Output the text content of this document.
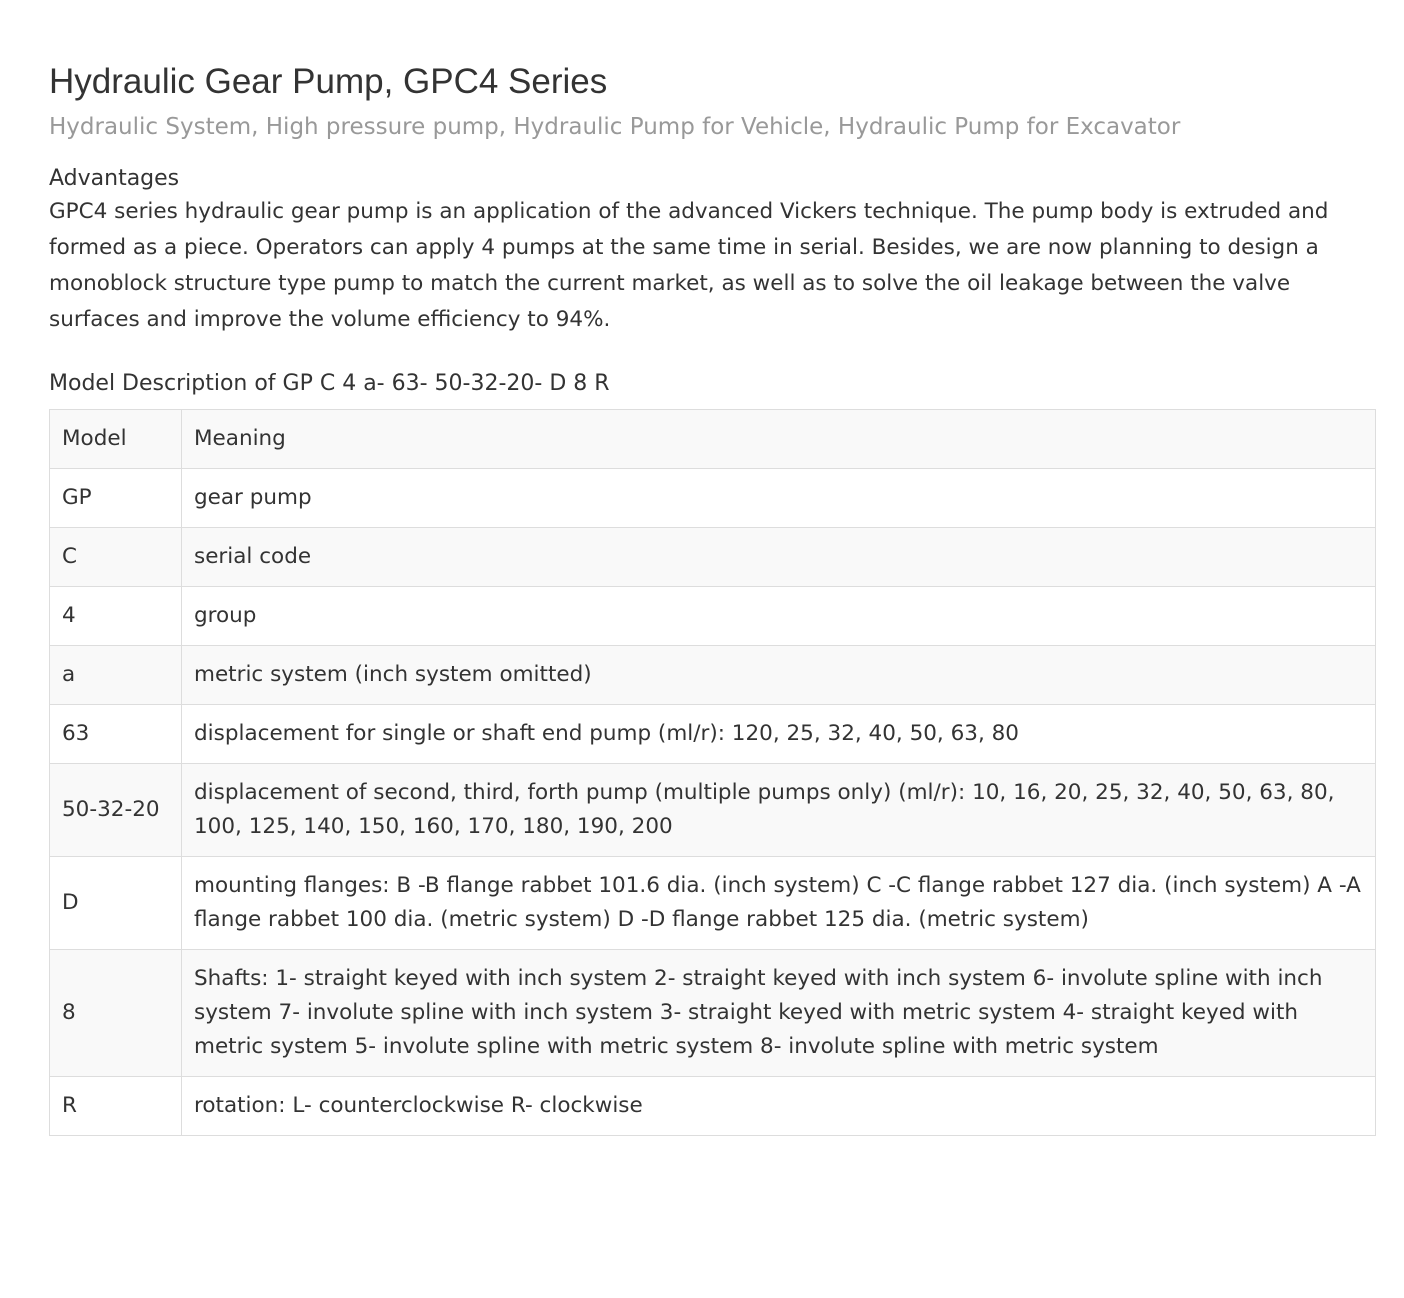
Hydraulic Gear Pump, GPC4 Series
Hydraulic System, High pressure pump, Hydraulic Pump for Vehicle, Hydraulic Pump for Excavator
Advantages

GPC4 series hydraulic gear pump is an application of the advanced Vickers technique. The pump body is extruded and formed as a piece. Operators can apply 4 pumps at the same time in serial. Besides, we are now planning to design a monoblock structure type pump to match the current market, as well as to solve the oil leakage between the valve surfaces and improve the volume efficiency to 94%.

Model Description of GP C 4 a- 63- 50-32-20- D 8 R
Model	Meaning
GP	gear pump
C	serial code
4	group
a	metric system (inch system omitted)
63	displacement for single or shaft end pump (ml/r): 120, 25, 32, 40, 50, 63, 80
50-32-20	displacement of second, third, forth pump (multiple pumps only) (ml/r): 10, 16, 20, 25, 32, 40, 50, 63, 80, 100, 125, 140, 150, 160, 170, 180, 190, 200
D	mounting flanges: B -B flange rabbet 101.6 dia. (inch system) C -C flange rabbet 127 dia. (inch system) A -A flange rabbet 100 dia. (metric system) D -D flange rabbet 125 dia. (metric system)
8	Shafts: 1- straight keyed with inch system 2- straight keyed with inch system 6- involute spline with inch system 7- involute spline with inch system 3- straight keyed with metric system 4- straight keyed with metric system 5- involute spline with metric system 8- involute spline with metric system
R	rotation: L- counterclockwise R- clockwise
